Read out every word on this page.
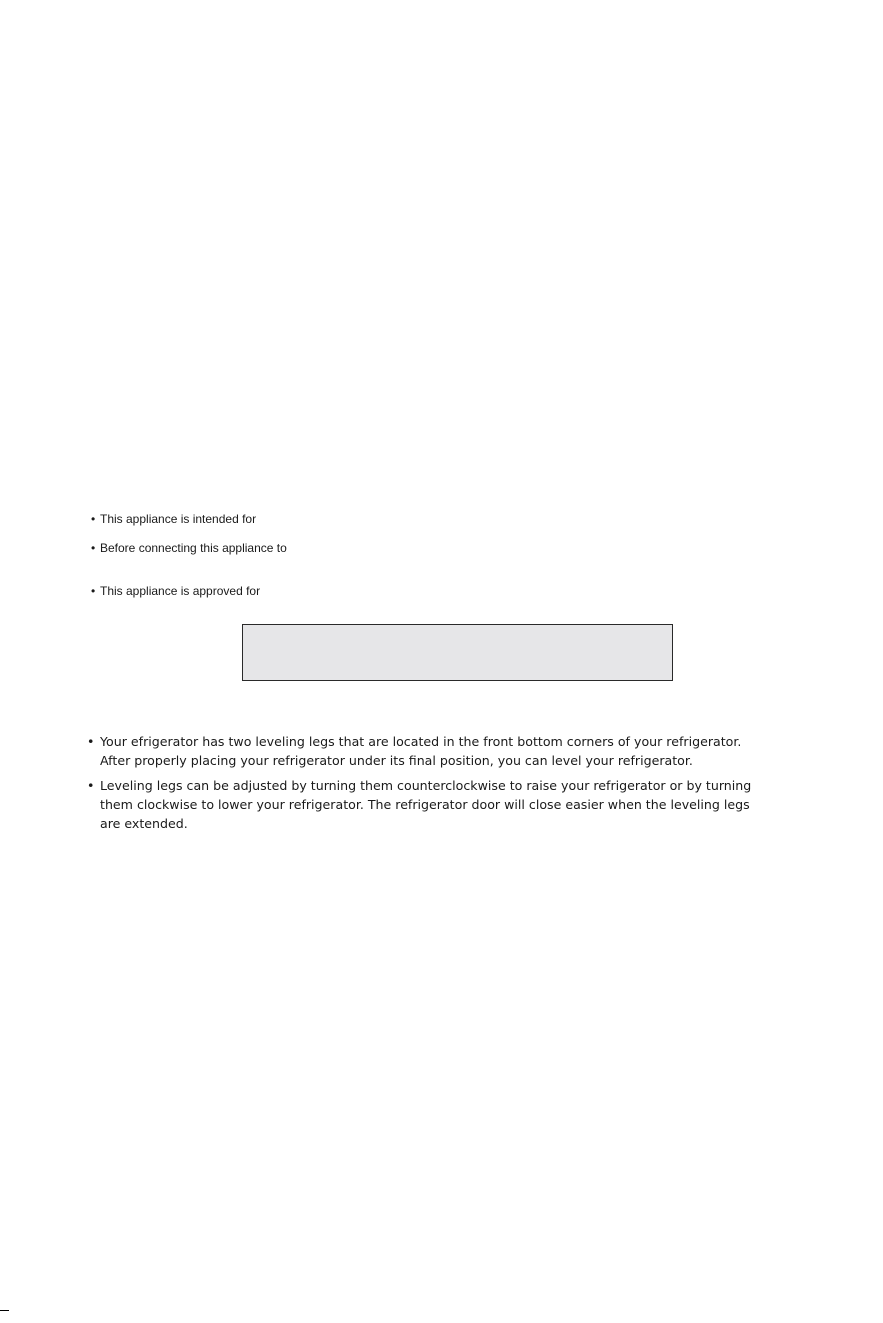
• This appliance is intended for
• Before connecting this appliance to
• This appliance is approved for
• Your efrigerator has two leveling legs that are located in the front bottom corners of your refrigerator.
After properly placing your refrigerator under its final position, you can level your refrigerator.
• Leveling legs can be adjusted by turning them counterclockwise to raise your refrigerator or by turning
them clockwise to lower your refrigerator. The refrigerator door will close easier when the leveling legs
are extended.
